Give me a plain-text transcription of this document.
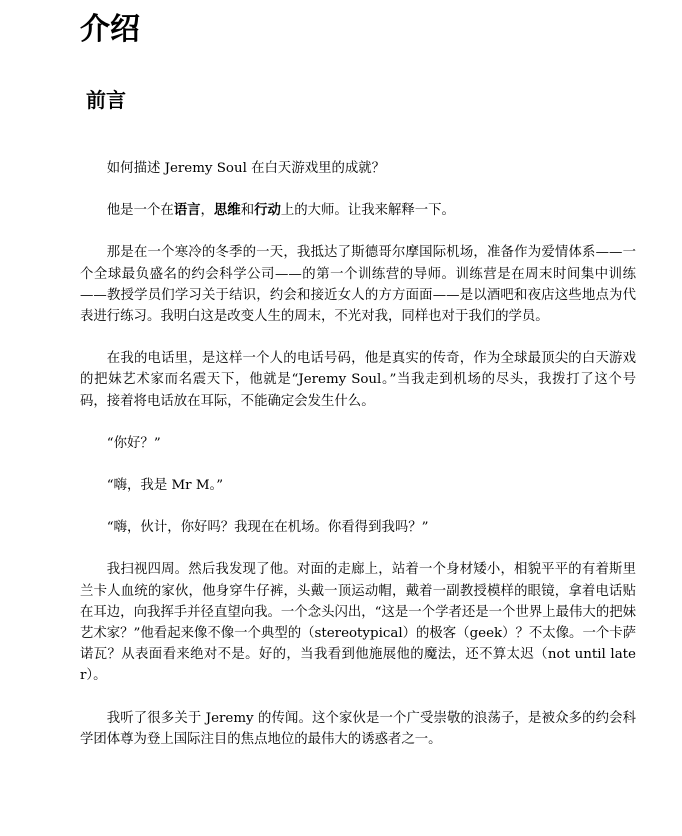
介绍
前言

如何描述 Jeremy Soul 在白天游戏里的成就？

他是一个在语言，思维和行动上的大师。让我来解释一下。

那是在一个寒冷的冬季的一天，我抵达了斯德哥尔摩国际机场，准备作为爱情体系——一个全球最负盛名的约会科学公司——的第一个训练营的导师。训练营是在周末时间集中训练——教授学员们学习关于结识，约会和接近女人的方方面面——是以酒吧和夜店这些地点为代表进行练习。我明白这是改变人生的周末，不光对我，同样也对于我们的学员。

在我的电话里，是这样一个人的电话号码，他是真实的传奇，作为全球最顶尖的白天游戏的把妹艺术家而名震天下，他就是“Jeremy Soul。”当我走到机场的尽头，我拨打了这个号码，接着将电话放在耳际，不能确定会发生什么。

“你好？”

“嗨，我是 Mr M。”

“嗨，伙计，你好吗？我现在在机场。你看得到我吗？”

我扫视四周。然后我发现了他。对面的走廊上，站着一个身材矮小，相貌平平的有着斯里兰卡人血统的家伙，他身穿牛仔裤，头戴一顶运动帽，戴着一副教授模样的眼镜，拿着电话贴在耳边，向我挥手并径直望向我。一个念头闪出，“这是一个学者还是一个世界上最伟大的把妹艺术家？”他看起来像不像一个典型的（stereotypical）的极客（geek）？不太像。一个卡萨诺瓦？从表面看来绝对不是。好的，当我看到他施展他的魔法，还不算太迟（not until later）。

我听了很多关于 Jeremy 的传闻。这个家伙是一个广受崇敬的浪荡子，是被众多的约会科学团体尊为登上国际注目的焦点地位的最伟大的诱惑者之一。
